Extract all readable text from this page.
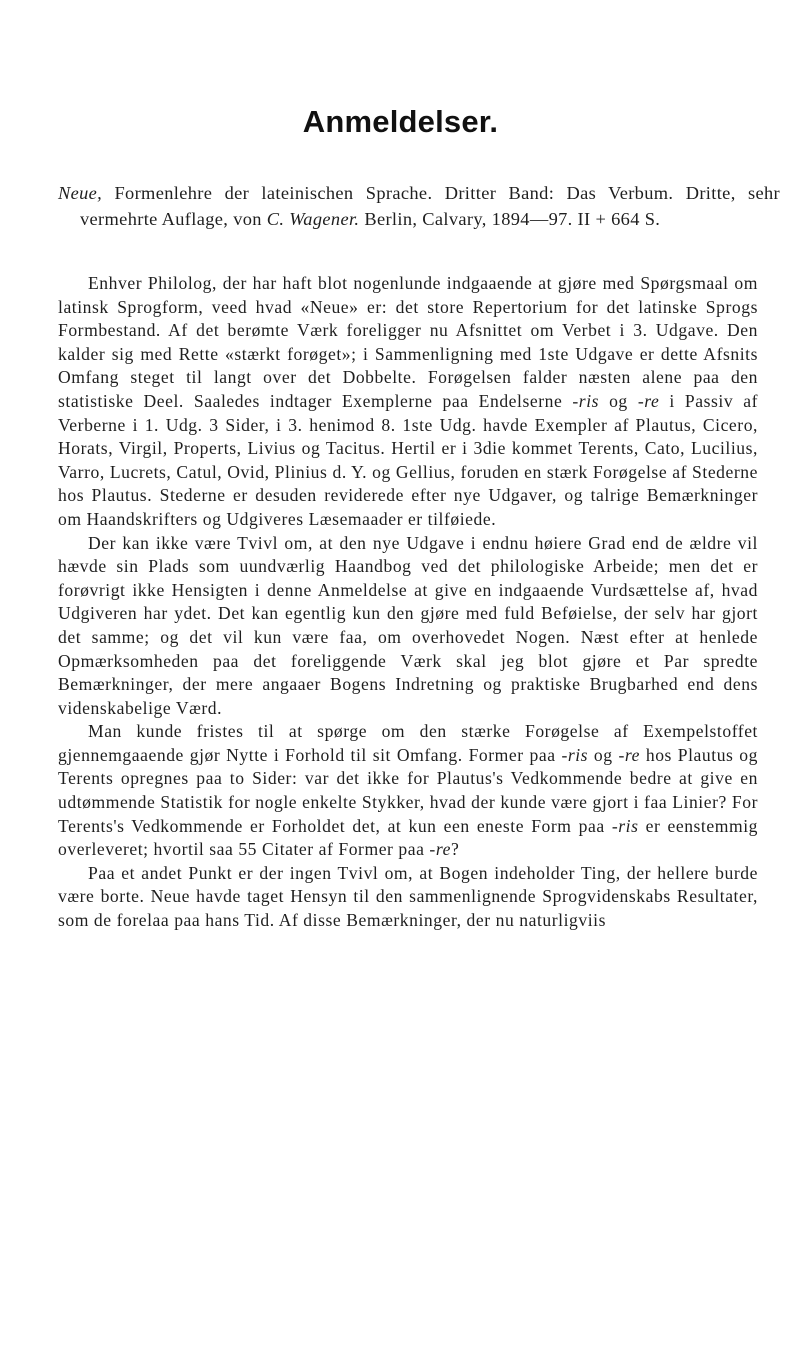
Anmeldelser.
Neue, Formenlehre der lateinischen Sprache. Dritter Band: Das Verbum. Dritte, sehr vermehrte Auflage, von C. Wagener. Berlin, Calvary, 1894—97. II + 664 S.

Enhver Philolog, der har haft blot nogenlunde indgaaende at gjøre med Spørgsmaal om latinsk Sprogform, veed hvad «Neue» er: det store Repertorium for det latinske Sprogs Formbestand. Af det berømte Værk foreligger nu Afsnittet om Verbet i 3. Udgave. Den kalder sig med Rette «stærkt forøget»; i Sammenligning med 1ste Udgave er dette Afsnits Omfang steget til langt over det Dobbelte. Forøgelsen falder næsten alene paa den statistiske Deel. Saaledes indtager Exemplerne paa Endelserne -ris og -re i Passiv af Verberne i 1. Udg. 3 Sider, i 3. henimod 8. 1ste Udg. havde Exempler af Plautus, Cicero, Horats, Virgil, Properts, Livius og Tacitus. Hertil er i 3die kommet Terents, Cato, Lucilius, Varro, Lucrets, Catul, Ovid, Plinius d. Y. og Gellius, foruden en stærk Forøgelse af Stederne hos Plautus. Stederne er desuden reviderede efter nye Udgaver, og talrige Bemærkninger om Haandskrifters og Udgiveres Læsemaader er tilføiede.

Der kan ikke være Tvivl om, at den nye Udgave i endnu høiere Grad end de ældre vil hævde sin Plads som uundværlig Haandbog ved det philologiske Arbeide; men det er forøvrigt ikke Hensigten i denne Anmeldelse at give en indgaaende Vurdsættelse af, hvad Udgiveren har ydet. Det kan egentlig kun den gjøre med fuld Beføielse, der selv har gjort det samme; og det vil kun være faa, om overhovedet Nogen. Næst efter at henlede Opmærksomheden paa det foreliggende Værk skal jeg blot gjøre et Par spredte Bemærkninger, der mere angaaer Bogens Indretning og praktiske Brugbarhed end dens videnskabelige Værd.

Man kunde fristes til at spørge om den stærke Forøgelse af Exempelstoffet gjennemgaaende gjør Nytte i Forhold til sit Omfang. Former paa -ris og -re hos Plautus og Terents opregnes paa to Sider: var det ikke for Plautus's Vedkommende bedre at give en udtømmende Statistik for nogle enkelte Stykker, hvad der kunde være gjort i faa Linier? For Terents's Vedkommende er Forholdet det, at kun een eneste Form paa -ris er eenstemmig overleveret; hvortil saa 55 Citater af Former paa -re?

Paa et andet Punkt er der ingen Tvivl om, at Bogen indeholder Ting, der hellere burde være borte. Neue havde taget Hensyn til den sammenlignende Sprogvidenskabs Resultater, som de forelaa paa hans Tid. Af disse Bemærkninger, der nu naturligviis
